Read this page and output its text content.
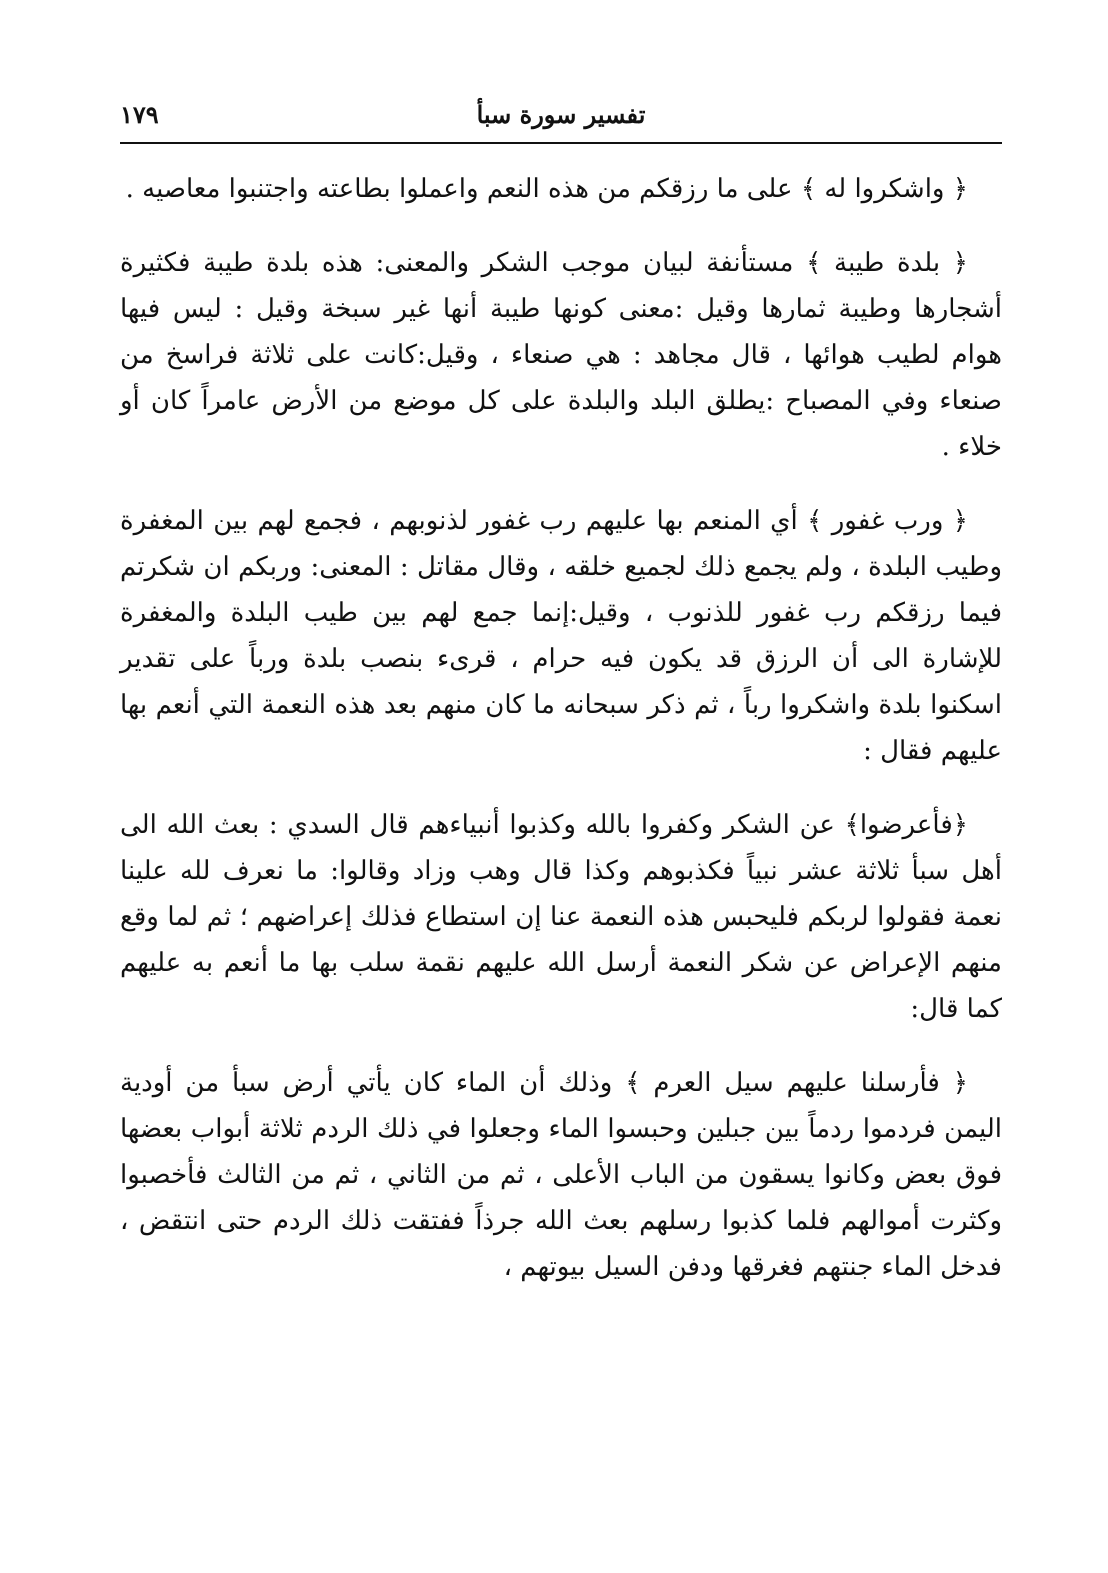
١٧٩	تفسير سورة سبأ

﴿ واشكروا له ﴾ على ما رزقكم من هذه النعم واعملوا بطاعته واجتنبوا معاصيه .

﴿ بلدة طيبة ﴾ مستأنفة لبيان موجب الشكر والمعنى: هذه بلدة طيبة فكثيرة أشجارها وطيبة ثمارها وقيل :معنى كونها طيبة أنها غير سبخة وقيل : ليس فيها هوام لطيب هوائها ، قال مجاهد : هي صنعاء ، وقيل:كانت على ثلاثة فراسخ من صنعاء وفي المصباح :يطلق البلد والبلدة على كل موضع من الأرض عامراً كان أو خلاء .

﴿ ورب غفور ﴾ أي المنعم بها عليهم رب غفور لذنوبهم ، فجمع لهم بين المغفرة وطيب البلدة ، ولم يجمع ذلك لجميع خلقه ، وقال مقاتل : المعنى: وربكم ان شكرتم فيما رزقكم رب غفور للذنوب ، وقيل:إنما جمع لهم بين طيب البلدة والمغفرة للإشارة الى أن الرزق قد يكون فيه حرام ، قرىء بنصب بلدة ورباً على تقدير اسكنوا بلدة واشكروا رباً ، ثم ذكر سبحانه ما كان منهم بعد هذه النعمة التي أنعم بها عليهم فقال :

﴿فأعرضوا﴾ عن الشكر وكفروا بالله وكذبوا أنبياءهم قال السدي : بعث الله الى أهل سبأ ثلاثة عشر نبياً فكذبوهم وكذا قال وهب وزاد وقالوا: ما نعرف لله علينا نعمة فقولوا لربكم فليحبس هذه النعمة عنا إن استطاع فذلك إعراضهم ؛ ثم لما وقع منهم الإعراض عن شكر النعمة أرسل الله عليهم نقمة سلب بها ما أنعم به عليهم كما قال:

﴿ فأرسلنا عليهم سيل العرم ﴾ وذلك أن الماء كان يأتي أرض سبأ من أودية اليمن فردموا ردماً بين جبلين وحبسوا الماء وجعلوا في ذلك الردم ثلاثة أبواب بعضها فوق بعض وكانوا يسقون من الباب الأعلى ، ثم من الثاني ، ثم من الثالث فأخصبوا وكثرت أموالهم فلما كذبوا رسلهم بعث الله جرذاً ففتقت ذلك الردم حتى انتقض ، فدخل الماء جنتهم فغرقها ودفن السيل بيوتهم ،
